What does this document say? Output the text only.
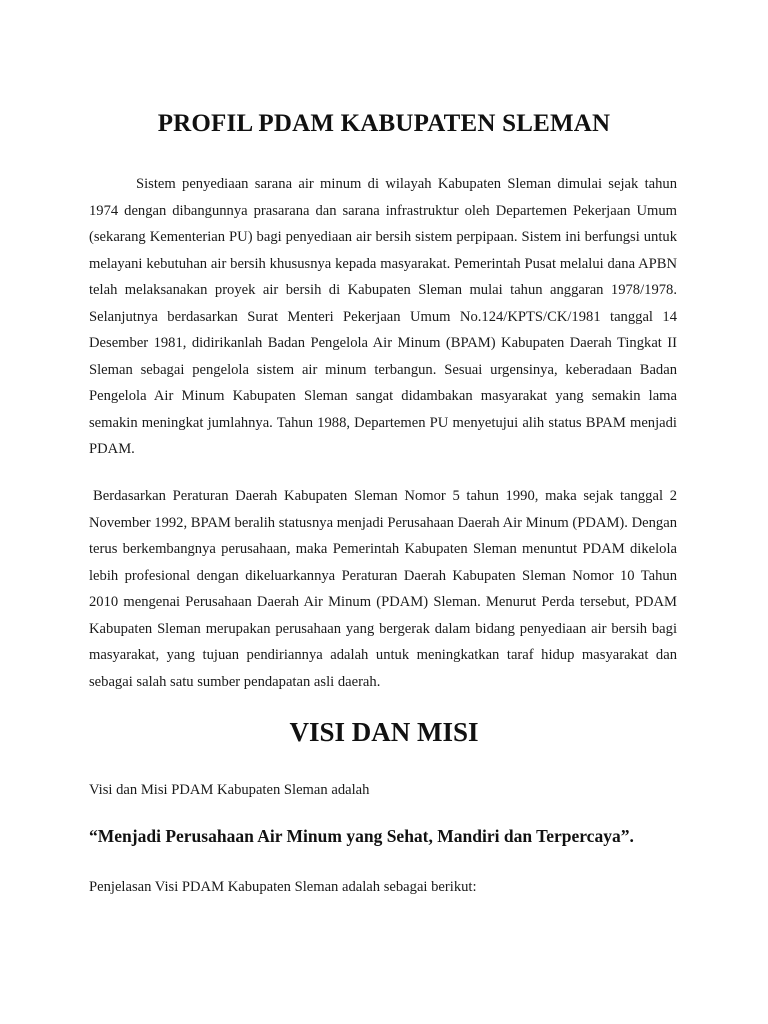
PROFIL PDAM KABUPATEN SLEMAN

Sistem penyediaan sarana air minum di wilayah Kabupaten Sleman dimulai sejak tahun 1974 dengan dibangunnya prasarana dan sarana infrastruktur oleh Departemen Pekerjaan Umum (sekarang Kementerian PU) bagi penyediaan air bersih sistem perpipaan. Sistem ini berfungsi untuk melayani kebutuhan air bersih khususnya kepada masyarakat. Pemerintah Pusat melalui dana APBN telah melaksanakan proyek air bersih di Kabupaten Sleman mulai tahun anggaran 1978/1978. Selanjutnya berdasarkan Surat Menteri Pekerjaan Umum No.124/KPTS/CK/1981 tanggal 14 Desember 1981, didirikanlah Badan Pengelola Air Minum (BPAM) Kabupaten Daerah Tingkat II Sleman sebagai pengelola sistem air minum terbangun. Sesuai urgensinya, keberadaan Badan Pengelola Air Minum Kabupaten Sleman sangat didambakan masyarakat yang semakin lama semakin meningkat jumlahnya. Tahun 1988, Departemen PU menyetujui alih status BPAM menjadi PDAM.

Berdasarkan Peraturan Daerah Kabupaten Sleman Nomor 5 tahun 1990, maka sejak tanggal 2 November 1992, BPAM beralih statusnya menjadi Perusahaan Daerah Air Minum (PDAM). Dengan terus berkembangnya perusahaan, maka Pemerintah Kabupaten Sleman menuntut PDAM dikelola lebih profesional dengan dikeluarkannya Peraturan Daerah Kabupaten Sleman Nomor 10 Tahun 2010 mengenai Perusahaan Daerah Air Minum (PDAM) Sleman. Menurut Perda tersebut, PDAM Kabupaten Sleman merupakan perusahaan yang bergerak dalam bidang penyediaan air bersih bagi masyarakat, yang tujuan pendiriannya adalah untuk meningkatkan taraf hidup masyarakat dan sebagai salah satu sumber pendapatan asli daerah.

VISI DAN MISI

Visi dan Misi PDAM Kabupaten Sleman adalah

“Menjadi Perusahaan Air Minum yang Sehat, Mandiri dan Terpercaya”.

Penjelasan Visi PDAM Kabupaten Sleman adalah sebagai berikut:
